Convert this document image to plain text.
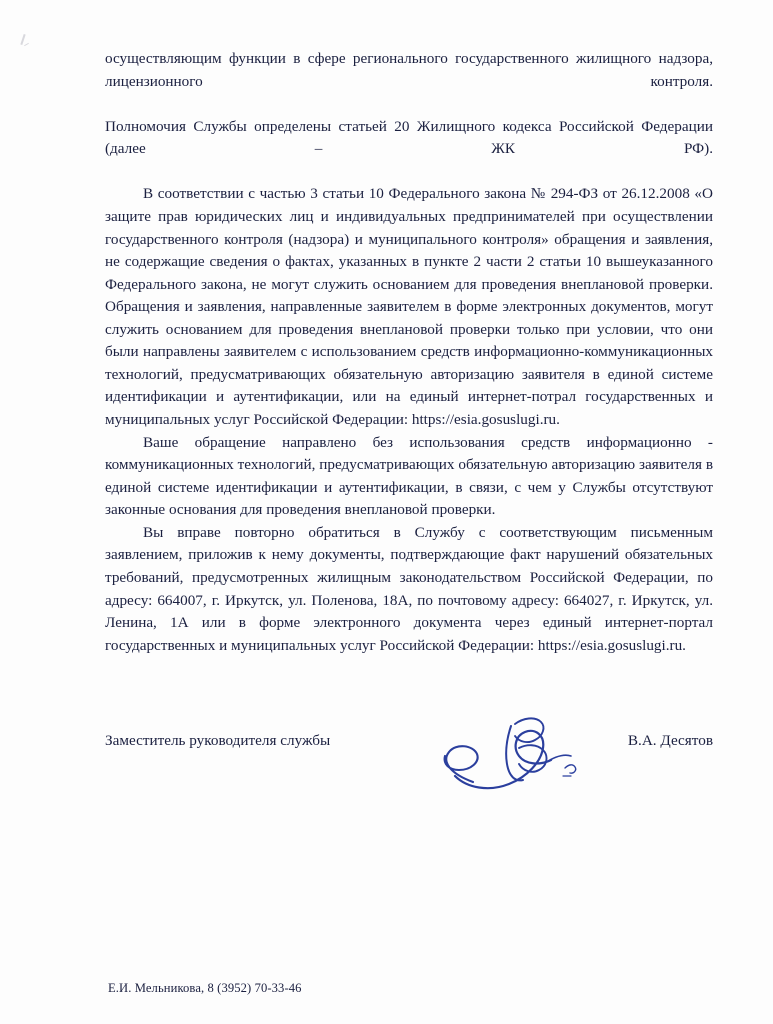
осуществляющим функции в сфере регионального государственного жилищного надзора, лицензионного контроля.

Полномочия Службы определены статьей 20 Жилищного кодекса Российской Федерации (далее – ЖК РФ).

В соответствии с частью 3 статьи 10 Федерального закона № 294-ФЗ от 26.12.2008 «О защите прав юридических лиц и индивидуальных предпринимателей при осуществлении государственного контроля (надзора) и муниципального контроля» обращения и заявления, не содержащие сведения о фактах, указанных в пункте 2 части 2 статьи 10 вышеуказанного Федерального закона, не могут служить основанием для проведения внеплановой проверки. Обращения и заявления, направленные заявителем в форме электронных документов, могут служить основанием для проведения внеплановой проверки только при условии, что они были направлены заявителем с использованием средств информационно-коммуникационных технологий, предусматривающих обязательную авторизацию заявителя в единой системе идентификации и аутентификации, или на единый интернет-потрал государственных и муниципальных услуг Российской Федерации: https://esia.gosuslugi.ru.

Ваше обращение направлено без использования средств информационно - коммуникационных технологий, предусматривающих обязательную авторизацию заявителя в единой системе идентификации и аутентификации, в связи, с чем у Службы отсутствуют законные основания для проведения внеплановой проверки.

Вы вправе повторно обратиться в Службу с соответствующим письменным заявлением, приложив к нему документы, подтверждающие факт нарушений обязательных требований, предусмотренных жилищным законодательством Российской Федерации, по адресу: 664007, г. Иркутск, ул. Поленова, 18А, по почтовому адресу: 664027, г. Иркутск, ул. Ленина, 1А или в форме электронного документа через единый интернет-портал государственных и муниципальных услуг Российской Федерации: https://esia.gosuslugi.ru.

Заместитель руководителя службы	В.А. Десятов
Е.И. Мельникова, 8 (3952) 70-33-46
